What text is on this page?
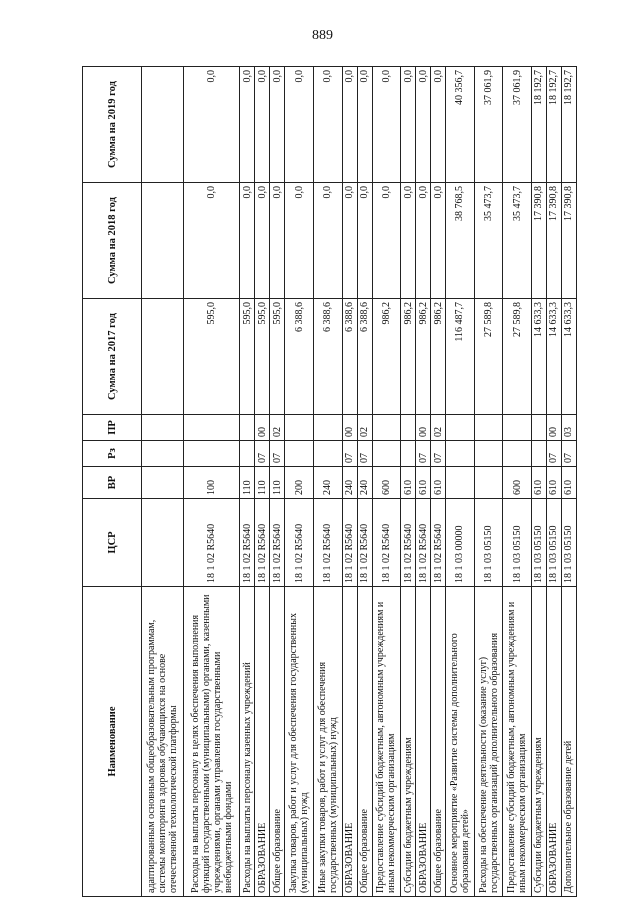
889
Наименование	ЦСР	ВР	Рз	ПР	Сумма на 2017 год	Сумма на 2018 год	Сумма на 2019 год
адаптированным основным общеобразовательным программам, системы мониторинга здоровья обучающихся на основе отечественной технологической платформы							
Расходы на выплаты персоналу в целях обеспечения выполнения функций государственными (муниципальными) органами, казенными учреждениями, органами управления государственными внебюджетными фондами	18 1 02 R5640	100			595,0	0,0	0,0
Расходы на выплаты персоналу казенных учреждений	18 1 02 R5640	110			595,0	0,0	0,0
ОБРАЗОВАНИЕ	18 1 02 R5640	110	07	00	595,0	0,0	0,0
Общее образование	18 1 02 R5640	110	07	02	595,0	0,0	0,0
Закупка товаров, работ и услуг для обеспечения государственных (муниципальных) нужд	18 1 02 R5640	200			6 388,6	0,0	0,0
Иные закупки товаров, работ и услуг для обеспечения государственных (муниципальных) нужд	18 1 02 R5640	240			6 388,6	0,0	0,0
ОБРАЗОВАНИЕ	18 1 02 R5640	240	07	00	6 388,6	0,0	0,0
Общее образование	18 1 02 R5640	240	07	02	6 388,6	0,0	0,0
Предоставление субсидий бюджетным, автономным учреждениям и иным некоммерческим организациям	18 1 02 R5640	600			986,2	0,0	0,0
Субсидии бюджетным учреждениям	18 1 02 R5640	610			986,2	0,0	0,0
ОБРАЗОВАНИЕ	18 1 02 R5640	610	07	00	986,2	0,0	0,0
Общее образование	18 1 02 R5640	610	07	02	986,2	0,0	0,0
Основное мероприятие «Развитие системы дополнительного образования детей»	18 1 03 00000				116 487,7	38 768,5	40 356,7
Расходы на обеспечение деятельности (оказание услуг) государственных организаций дополнительного образования	18 1 03 05150				27 589,8	35 473,7	37 061,9
Предоставление субсидий бюджетным, автономным учреждениям и иным некоммерческим организациям	18 1 03 05150	600			27 589,8	35 473,7	37 061,9
Субсидии бюджетным учреждениям	18 1 03 05150	610			14 633,3	17 390,8	18 192,7
ОБРАЗОВАНИЕ	18 1 03 05150	610	07	00	14 633,3	17 390,8	18 192,7
Дополнительное образование детей	18 1 03 05150	610	07	03	14 633,3	17 390,8	18 192,7
